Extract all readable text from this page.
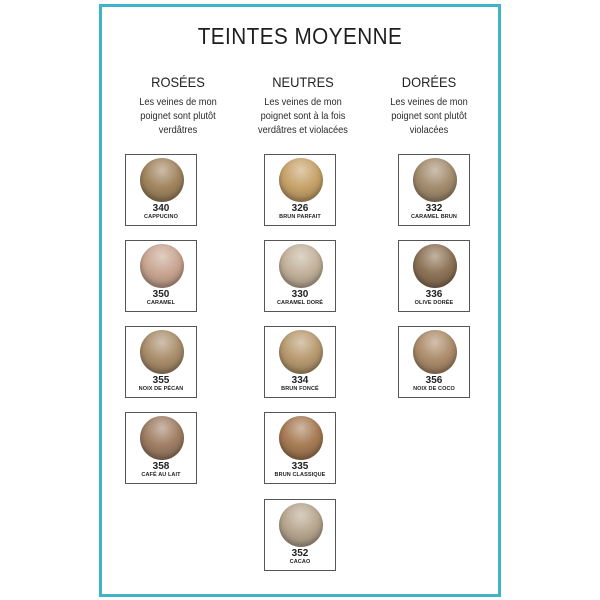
TEINTES MOYENNE
ROSÉES
Les veines de mon
poignet sont plutôt
verdâtres
NEUTRES
Les veines de mon
poignet sont à la fois
verdâtres et violacées
DORÉES
Les veines de mon
poignet sont plutôt
violacées
340
CAPPUCINO
350
CARAMEL
355
NOIX DE PÉCAN
358
CAFÉ AU LAIT
326
BRUN PARFAIT
330
CARAMEL DORÉ
334
BRUN FONCÉ
335
BRUN CLASSIQUE
352
CACAO
332
CARAMEL BRUN
336
OLIVE DORÉE
356
NOIX DE COCO
